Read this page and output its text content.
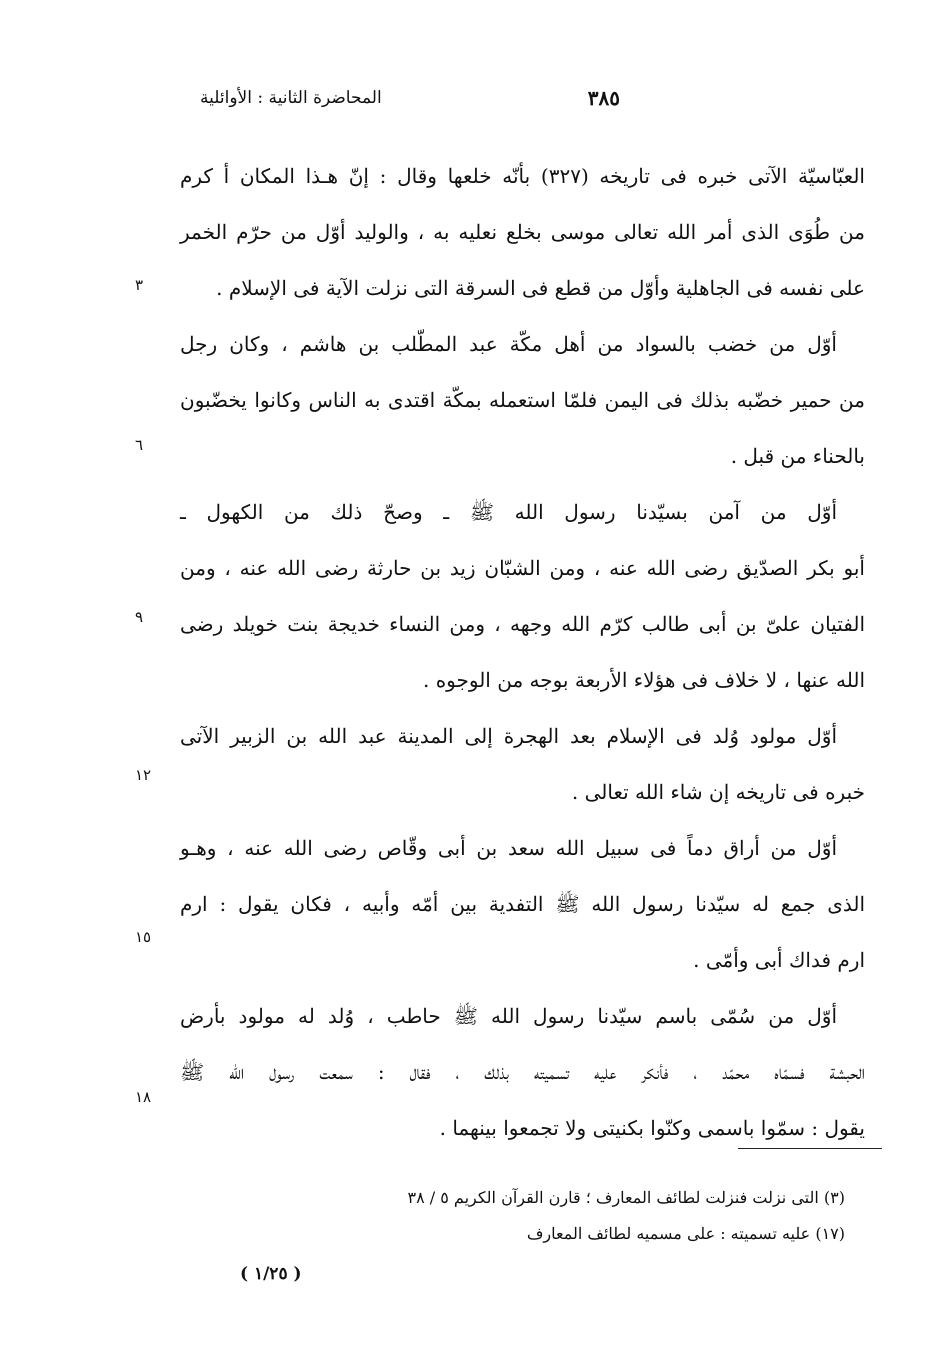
٣٨٥
المحاضرة الثانية : الأوائلية
العبّاسيّة الآتى خبره فى تاريخه (٣٢٧) بأنّه خلعها وقال : إنّ هـذا المكان أ كرم
من طُوَى الذى أمر الله تعالى موسى بخلع نعليه به ، والوليد أوّل من حرّم الخمر
على نفسه فى الجاهلية وأوّل من قطع فى السرقة التى نزلت الآية فى الإسلام .
أوّل من خضب بالسواد من أهل مكّة عبد المطّلب بن هاشم ، وكان رجل
من حمير خضّبه بذلك فى اليمن فلمّا استعمله بمكّة اقتدى به الناس وكانوا يخضّبون
بالحناء من قبل .
أوّل من آمن بسيّدنا رسول الله ﷺ ـ وصحّ ذلك من الكهول ـ
أبو بكر الصدّيق رضى الله عنه ، ومن الشبّان زيد بن حارثة رضى الله عنه ، ومن
الفتيان علىّ بن أبى طالب كرّم الله وجهه ، ومن النساء خديجة بنت خويلد رضى
الله عنها ، لا خلاف فى هؤلاء الأربعة بوجه من الوجوه .
أوّل مولود وُلد فى الإسلام بعد الهجرة إلى المدينة عبد الله بن الزبير الآتى
خبره فى تاريخه إن شاء الله تعالى .
أوّل من أراق دماً فى سبيل الله سعد بن أبى وقّاص رضى الله عنه ، وهـو
الذى جمع له سيّدنا رسول الله ﷺ التفدية بين أمّه وأبيه ، فكان يقول : ارم
ارم فداك أبى وأمّى .
أوّل من سُمّى باسم سيّدنا رسول الله ﷺ حاطب ، وُلد له مولود بأرض
الحبشة فسمّاه محمّد ، فأنكر عليه تسميته بذلك ، فقال : سمعت رسول الله ﷺ
يقول : سمّوا باسمى وكنّوا بكنيتى ولا تجمعوا بينهما .
٣
٦
٩
١٢
١٥
١٨
(٣) التى نزلت فنزلت لطائف المعارف ؛ قارن القرآن الكريم ٥ / ٣٨
(١٧) عليه تسميته : على مسميه لطائف المعارف
( ١/٢٥ )
